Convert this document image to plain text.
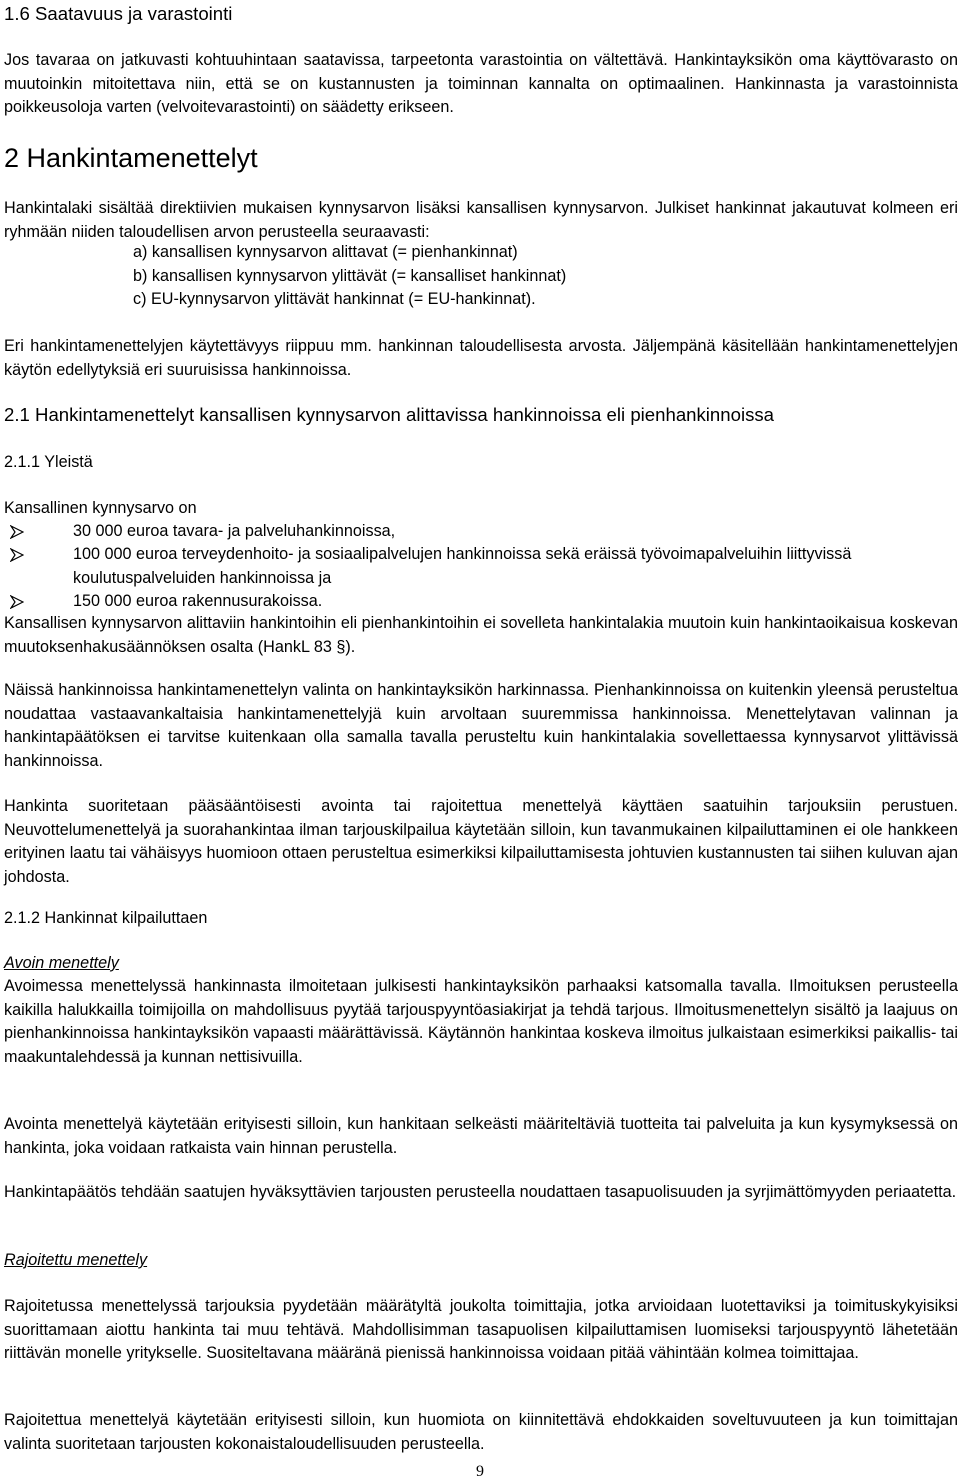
1.6 Saatavuus ja varastointi

Jos tavaraa on jatkuvasti kohtuuhintaan saatavissa, tarpeetonta varastointia on vältettävä. Hankintayksikön oma käyttövarasto on muutoinkin mitoitettava niin, että se on kustannusten ja toiminnan kannalta on optimaalinen. Hankinnasta ja varastoinnista poikkeusoloja varten (velvoitevarastointi) on säädetty erikseen.

2 Hankintamenettelyt

Hankintalaki sisältää direktiivien mukaisen kynnysarvon lisäksi kansallisen kynnysarvon. Julkiset hankinnat jakautuvat kolmeen eri ryhmään niiden taloudellisen arvon perusteella seuraavasti:

a) kansallisen kynnysarvon alittavat (= pienhankinnat)
b) kansallisen kynnysarvon ylittävät (= kansalliset hankinnat)
c) EU-kynnysarvon ylittävät hankinnat (= EU-hankinnat).

Eri hankintamenettelyjen käytettävyys riippuu mm. hankinnan taloudellisesta arvosta. Jäljempänä käsitellään hankintamenettelyjen käytön edellytyksiä eri suuruisissa hankinnoissa.

2.1 Hankintamenettelyt kansallisen kynnysarvon alittavissa hankinnoissa eli pienhankinnoissa
2.1.1 Yleistä
Kansallinen kynnysarvo on
30 000 euroa tavara- ja palveluhankinnoissa,
100 000 euroa terveydenhoito- ja sosiaalipalvelujen hankinnoissa sekä eräissä työvoimapalveluihin liittyvissä koulutuspalveluiden hankinnoissa ja
150 000 euroa rakennusurakoissa.

Kansallisen kynnysarvon alittaviin hankintoihin eli pienhankintoihin ei sovelleta hankintalakia muutoin kuin hankintaoikaisua koskevan muutoksenhakusäännöksen osalta (HankL 83 §).

Näissä hankinnoissa hankintamenettelyn valinta on hankintayksikön harkinnassa. Pienhankinnoissa on kuitenkin yleensä perusteltua noudattaa vastaavankaltaisia hankintamenettelyjä kuin arvoltaan suuremmissa hankinnoissa. Menettelytavan valinnan ja hankintapäätöksen ei tarvitse kuitenkaan olla samalla tavalla perusteltu kuin hankintalakia sovellettaessa kynnysarvot ylittävissä hankinnoissa.

Hankinta suoritetaan pääsääntöisesti avointa tai rajoitettua menettelyä käyttäen saatuihin tarjouksiin perustuen. Neuvottelumenettelyä ja suorahankintaa ilman tarjouskilpailua käytetään silloin, kun tavanmukainen kilpailuttaminen ei ole hankkeen erityinen laatu tai vähäisyys huomioon ottaen perusteltua esimerkiksi kilpailuttamisesta johtuvien kustannusten tai siihen kuluvan ajan johdosta.

2.1.2 Hankinnat kilpailuttaen
Avoin menettely

Avoimessa menettelyssä hankinnasta ilmoitetaan julkisesti hankintayksikön parhaaksi katsomalla tavalla. Ilmoituksen perusteella kaikilla halukkailla toimijoilla on mahdollisuus pyytää tarjouspyyntöasiakirjat ja tehdä tarjous. Ilmoitusmenettelyn sisältö ja laajuus on pienhankinnoissa hankintayksikön vapaasti määrättävissä. Käytännön hankintaa koskeva ilmoitus julkaistaan esimerkiksi paikallis- tai maakuntalehdessä ja kunnan nettisivuilla.

Avointa menettelyä käytetään erityisesti silloin, kun hankitaan selkeästi määriteltäviä tuotteita tai palveluita ja kun kysymyksessä on hankinta, joka voidaan ratkaista vain hinnan perustella.

Hankintapäätös tehdään saatujen hyväksyttävien tarjousten perusteella noudattaen tasapuolisuuden ja syrjimättömyyden periaatetta.

Rajoitettu menettely

Rajoitetussa menettelyssä tarjouksia pyydetään määrätyltä joukolta toimittajia, jotka arvioidaan luotettaviksi ja toimituskykyisiksi suorittamaan aiottu hankinta tai muu tehtävä. Mahdollisimman tasapuolisen kilpailuttamisen luomiseksi tarjouspyyntö lähetetään riittävän monelle yritykselle. Suositeltavana määränä pienissä hankinnoissa voidaan pitää vähintään kolmea toimittajaa.

Rajoitettua menettelyä käytetään erityisesti silloin, kun huomiota on kiinnitettävä ehdokkaiden soveltuvuuteen ja kun toimittajan valinta suoritetaan tarjousten kokonaistaloudellisuuden perusteella.

9
